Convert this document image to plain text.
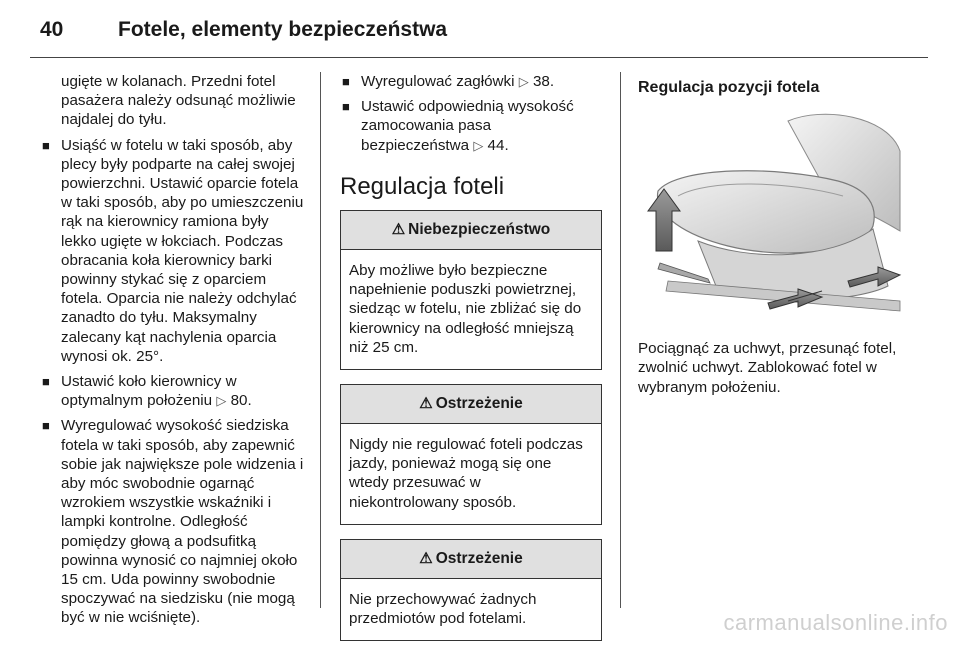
40	Fotele, elementy bezpieczeństwa

ugięte w kolanach. Przedni fotel pasażera należy odsunąć możliwie najdalej do tyłu.

■ Usiąść w fotelu w taki sposób, aby plecy były podparte na całej swojej powierzchni. Ustawić oparcie fotela w taki sposób, aby po umieszczeniu rąk na kierownicy ramiona były lekko ugięte w łokciach. Podczas obracania koła kierownicy barki powinny stykać się z oparciem fotela. Oparcia nie należy odchylać zanadto do tyłu. Maksymalny zalecany kąt nachylenia oparcia wynosi ok. 25°.
■ Ustawić koło kierownicy w optymalnym położeniu ▷ 80.
■ Wyregulować wysokość siedziska fotela w taki sposób, aby zapewnić sobie jak największe pole widzenia i aby móc swobodnie ogarnąć wzrokiem wszystkie wskaźniki i lampki kontrolne. Odległość pomiędzy głową a podsufitką powinna wynosić co najmniej około 15 cm. Uda powinny swobodnie spoczywać na siedzisku (nie mogą być w nie wciśnięte).
■ Wyregulować zagłówki ▷ 38.
■ Ustawić odpowiednią wysokość zamocowania pasa bezpieczeństwa ▷ 44.
Regulacja foteli
⚠ Niebezpieczeństwo
Aby możliwe było bezpieczne napełnienie poduszki powietrznej, siedząc w fotelu, nie zbliżać się do kierownicy na odległość mniejszą niż 25 cm.
⚠ Ostrzeżenie
Nigdy nie regulować foteli podczas jazdy, ponieważ mogą się one wtedy przesuwać w niekontrolowany sposób.
⚠ Ostrzeżenie
Nie przechowywać żadnych przedmiotów pod fotelami.
Regulacja pozycji fotela

Pociągnąć za uchwyt, przesunąć fotel, zwolnić uchwyt. Zablokować fotel w wybranym położeniu.

carmanualsonline.info
